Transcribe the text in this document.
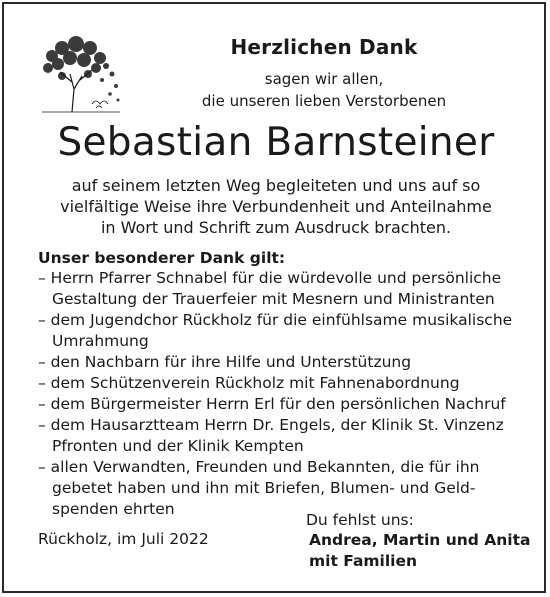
Herzlichen Dank
sagen wir allen,
die unseren lieben Verstorbenen
Sebastian Barnsteiner
auf seinem letzten Weg begleiteten und uns auf so
vielfältige Weise ihre Verbundenheit und Anteilnahme
in Wort und Schrift zum Ausdruck brachten.
Unser besonderer Dank gilt:
– Herrn Pfarrer Schnabel für die würdevolle und persönliche
Gestaltung der Trauerfeier mit Mesnern und Ministranten
– dem Jugendchor Rückholz für die einfühlsame musikalische
Umrahmung
– den Nachbarn für ihre Hilfe und Unterstützung
– dem Schützenverein Rückholz mit Fahnenabordnung
– dem Bürgermeister Herrn Erl für den persönlichen Nachruf
– dem Hausarztteam Herrn Dr. Engels, der Klinik St. Vinzenz
Pfronten und der Klinik Kempten
– allen Verwandten, Freunden und Bekannten, die für ihn
gebetet haben und ihn mit Briefen, Blumen- und Geld-
spenden ehrten
Rückholz, im Juli 2022
Du fehlst uns:
Andrea, Martin und Anita
mit Familien
